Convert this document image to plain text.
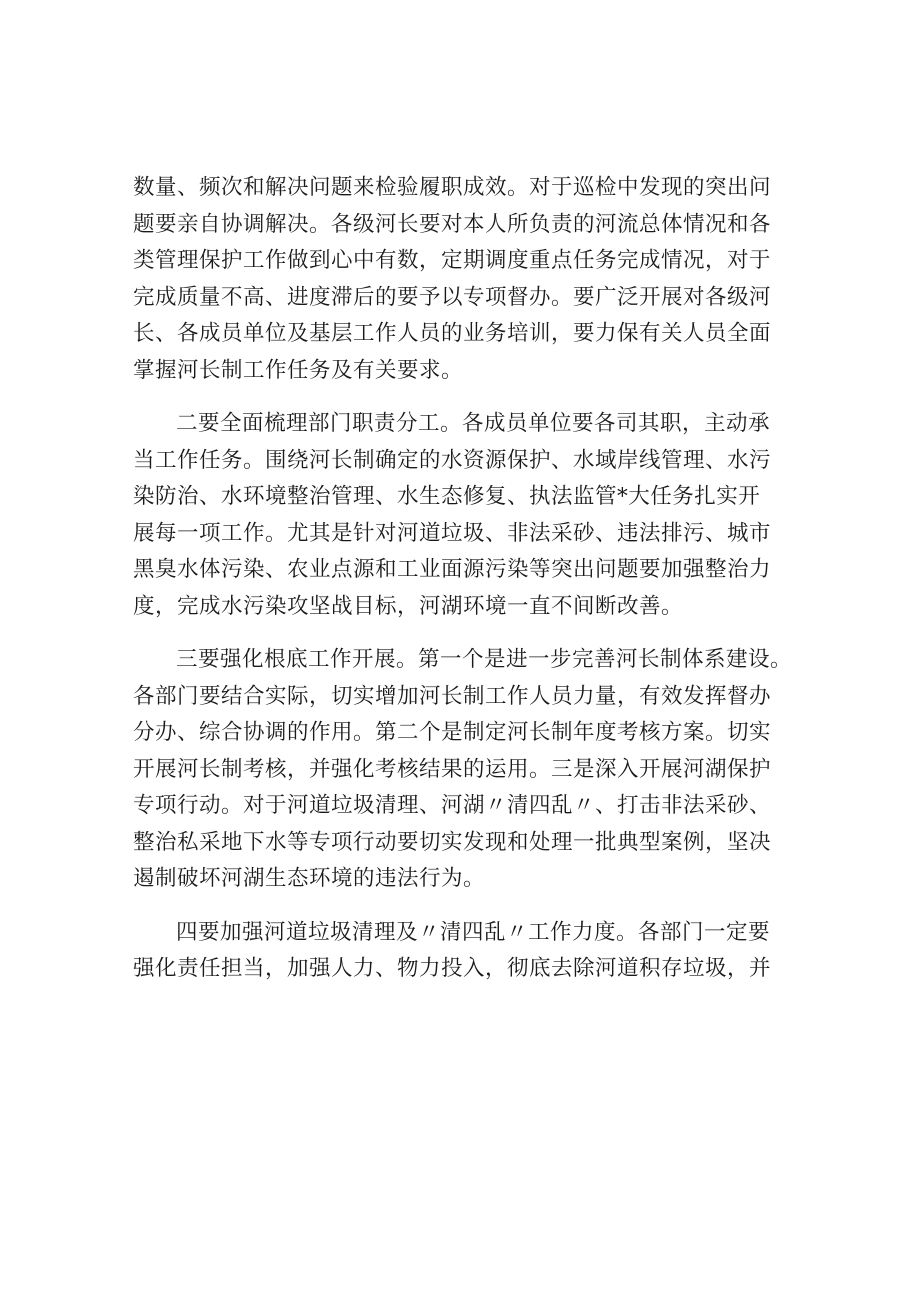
数量、频次和解决问题来检验履职成效。对于巡检中发现的突出问
题要亲自协调解决。各级河长要对本人所负责的河流总体情况和各
类管理保护工作做到心中有数，定期调度重点任务完成情况，对于
完成质量不高、进度滞后的要予以专项督办。要广泛开展对各级河
长、各成员单位及基层工作人员的业务培训，要力保有关人员全面
掌握河长制工作任务及有关要求。

二要全面梳理部门职责分工。各成员单位要各司其职，主动承
当工作任务。围绕河长制确定的水资源保护、水域岸线管理、水污
染防治、水环境整治管理、水生态修复、执法监管*大任务扎实开
展每一项工作。尤其是针对河道垃圾、非法采砂、违法排污、城市
黑臭水体污染、农业点源和工业面源污染等突出问题要加强整治力
度，完成水污染攻坚战目标，河湖环境一直不间断改善。

三要强化根底工作开展。第一个是进一步完善河长制体系建设。
各部门要结合实际，切实增加河长制工作人员力量，有效发挥督办
分办、综合协调的作用。第二个是制定河长制年度考核方案。切实
开展河长制考核，并强化考核结果的运用。三是深入开展河湖保护
专项行动。对于河道垃圾清理、河湖〃清四乱〃、打击非法采砂、
整治私采地下水等专项行动要切实发现和处理一批典型案例，坚决
遏制破坏河湖生态环境的违法行为。

四要加强河道垃圾清理及〃清四乱〃工作力度。各部门一定要
强化责任担当，加强人力、物力投入，彻底去除河道积存垃圾，并
